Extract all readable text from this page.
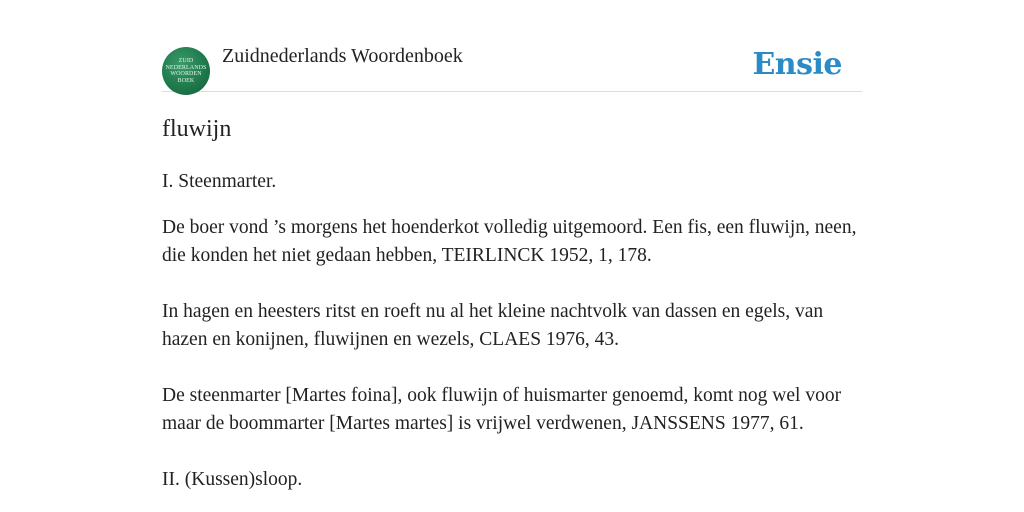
ZUID
NEDERLANDS
WOORDEN
BOEK
Zuidnederlands Woordenboek	Ensie
fluwijn

I. Steenmarter.

De boer vond ’s morgens het hoenderkot volledig uitgemoord. Een fis, een fluwijn, neen, die konden het niet gedaan hebben, TEIRLINCK 1952, 1, 178.

In hagen en heesters ritst en roeft nu al het kleine nachtvolk van dassen en egels, van hazen en konijnen, fluwijnen en wezels, CLAES 1976, 43.

De steenmarter [Martes foina], ook fluwijn of huismarter genoemd, komt nog wel voor maar de boommarter [Martes martes] is vrijwel verdwenen, JANSSENS 1977, 61.

II. (Kussen)sloop.
